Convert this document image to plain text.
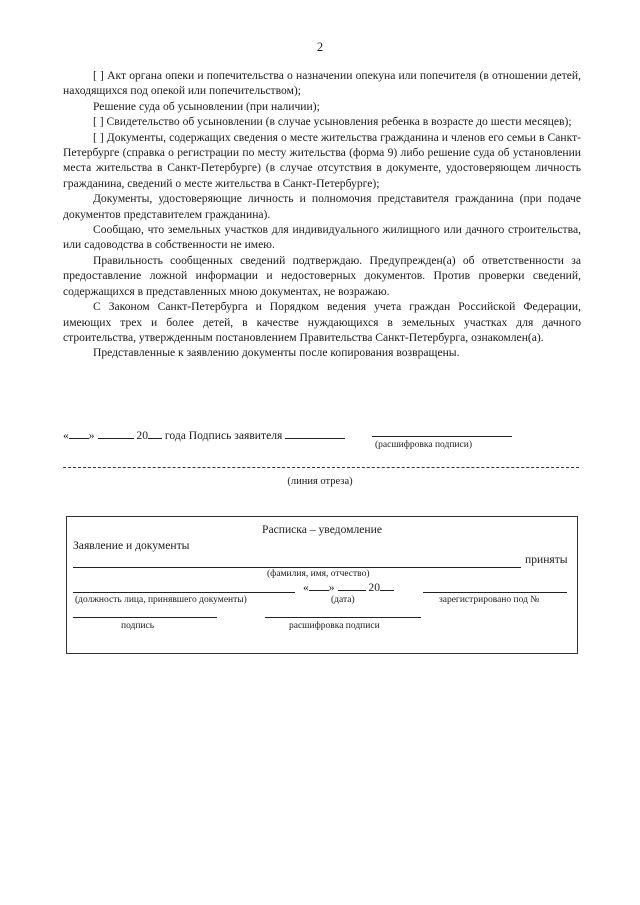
2

[ ] Акт органа опеки и попечительства о назначении опекуна или попечителя (в отношении детей, находящихся под опекой или попечительством);

Решение суда об усыновлении (при наличии);

[ ] Свидетельство об усыновлении (в случае усыновления ребенка в возрасте до шести месяцев);

[ ] Документы, содержащих сведения о месте жительства гражданина и членов его семьи в Санкт-Петербурге (справка о регистрации по месту жительства (форма 9) либо решение суда об установлении места жительства в Санкт-Петербурге) (в случае отсутствия в документе, удостоверяющем личность гражданина, сведений о месте жительства в Санкт-Петербурге);

Документы, удостоверяющие личность и полномочия представителя гражданина (при подаче документов представителем гражданина).

Сообщаю, что земельных участков для индивидуального жилищного или дачного строительства, или садоводства в собственности не имею.

Правильность сообщенных сведений подтверждаю. Предупрежден(а) об ответственности за предоставление ложной информации и недостоверных документов. Против проверки сведений, содержащихся в представленных мною документах, не возражаю.

С Законом Санкт-Петербурга и Порядком ведения учета граждан Российской Федерации, имеющих трех и более детей, в качестве нуждающихся в земельных участках для дачного строительства, утвержденным постановлением Правительства Санкт-Петербурга, ознакомлен(а).

Представленные к заявлению документы после копирования возвращены.

« »	20 года Подпись заявителя
(расшифровка подписи)
(линия отреза)
Расписка – уведомление
Заявление и документы
приняты
(фамилия, имя, отчество)
« »	20
(должность лица, принявшего документы)	(дата)	зарегистрировано под №
подпись	расшифровка подписи
